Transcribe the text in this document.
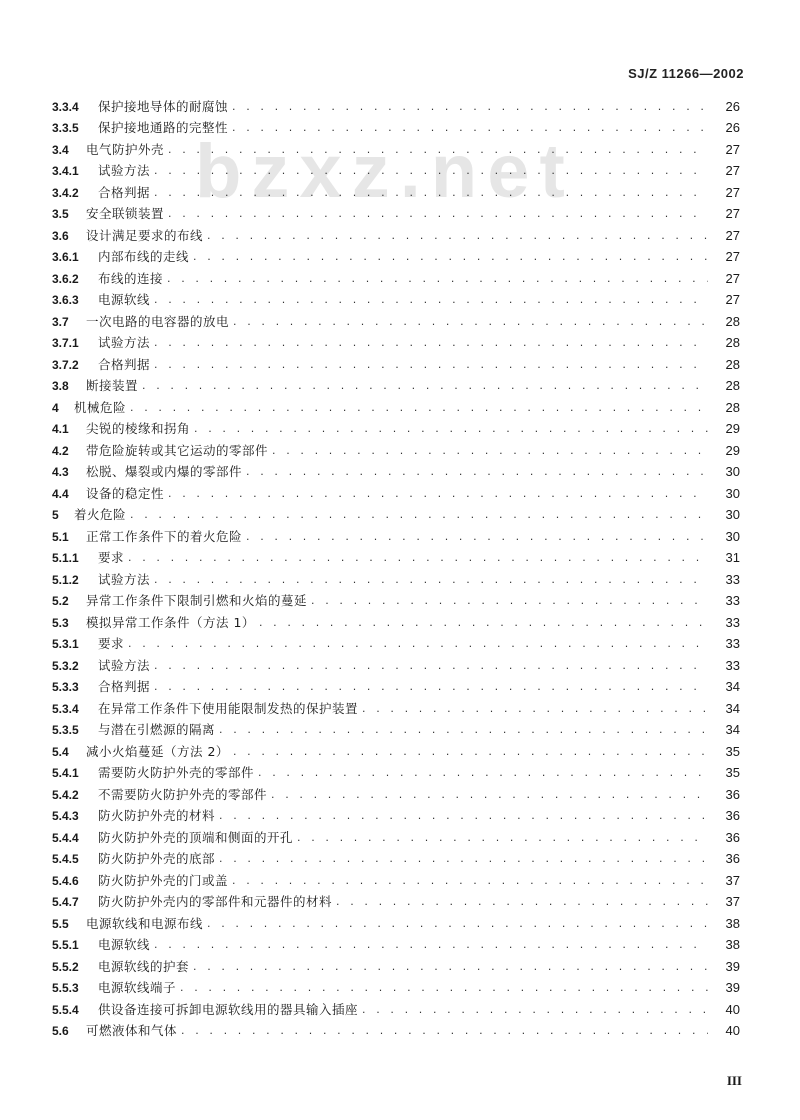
bzxz.net
SJ/Z 11266—2002
3.3.4	保护接地导体的耐腐蚀 . . .	26
3.3.5	保护接地通路的完整性 . . .	26
3.4	电气防护外壳 . . .	27
3.4.1	试验方法 . . .	27
3.4.2	合格判据 . . .	27
3.5	安全联锁装置 . . .	27
3.6	设计满足要求的布线 . . .	27
3.6.1	内部布线的走线 . . .	27
3.6.2	布线的连接 . . .	27
3.6.3	电源软线 . . .	27
3.7	一次电路的电容器的放电 . . .	28
3.7.1	试验方法 . . .	28
3.7.2	合格判据 . . .	28
3.8	断接装置 . . .	28
4	机械危险 . . .	28
4.1	尖锐的棱缘和拐角 . . .	29
4.2	带危险旋转或其它运动的零部件 . . .	29
4.3	松脱、爆裂或内爆的零部件 . . .	30
4.4	设备的稳定性 . . .	30
5	着火危险 . . .	30
5.1	正常工作条件下的着火危险 . . .	30
5.1.1	要求 . . .	31
5.1.2	试验方法 . . .	33
5.2	异常工作条件下限制引燃和火焰的蔓延 . . .	33
5.3	模拟异常工作条件（方法 1） . . .	33
5.3.1	要求 . . .	33
5.3.2	试验方法 . . .	33
5.3.3	合格判据 . . .	34
5.3.4	在异常工作条件下使用能限制发热的保护装置 . . .	34
5.3.5	与潜在引燃源的隔离 . . .	34
5.4	减小火焰蔓延（方法 2） . . .	35
5.4.1	需要防火防护外壳的零部件 . . .	35
5.4.2	不需要防火防护外壳的零部件 . . .	36
5.4.3	防火防护外壳的材料 . . .	36
5.4.4	防火防护外壳的顶端和侧面的开孔 . . .	36
5.4.5	防火防护外壳的底部 . . .	36
5.4.6	防火防护外壳的门或盖 . . .	37
5.4.7	防火防护外壳内的零部件和元器件的材料 . . .	37
5.5	电源软线和电源布线 . . .	38
5.5.1	电源软线 . . .	38
5.5.2	电源软线的护套 . . .	39
5.5.3	电源软线端子 . . .	39
5.5.4	供设备连接可拆卸电源软线用的器具输入插座 . . .	40
5.6	可燃液体和气体 . . .	40
III
